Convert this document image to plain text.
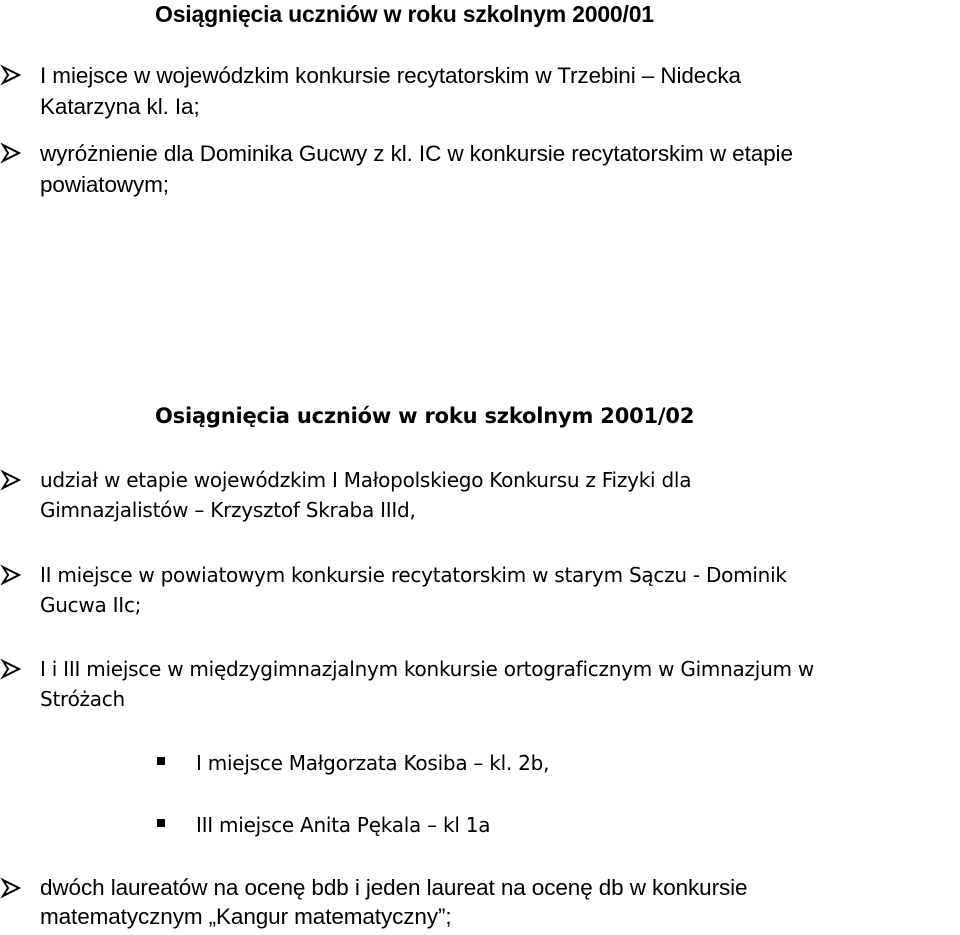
Osiągnięcia uczniów w roku szkolnym 2000/01
I miejsce w wojewódzkim konkursie recytatorskim w Trzebini – Nidecka
Katarzyna kl. Ia;
wyróżnienie dla Dominika Gucwy z kl. IC w konkursie recytatorskim w etapie
powiatowym;
Osiągnięcia uczniów w roku szkolnym 2001/02
udział w etapie wojewódzkim I Małopolskiego Konkursu z Fizyki dla
Gimnazjalistów – Krzysztof Skraba IIId,
II miejsce w powiatowym konkursie recytatorskim w starym Sączu - Dominik
Gucwa IIc;
I i III miejsce w międzygimnazjalnym konkursie ortograficznym w Gimnazjum w
Stróżach
I miejsce Małgorzata Kosiba – kl. 2b,
III miejsce Anita Pękala – kl 1a
dwóch laureatów na ocenę bdb i jeden laureat na ocenę db w konkursie
matematycznym „Kangur matematyczny”;
